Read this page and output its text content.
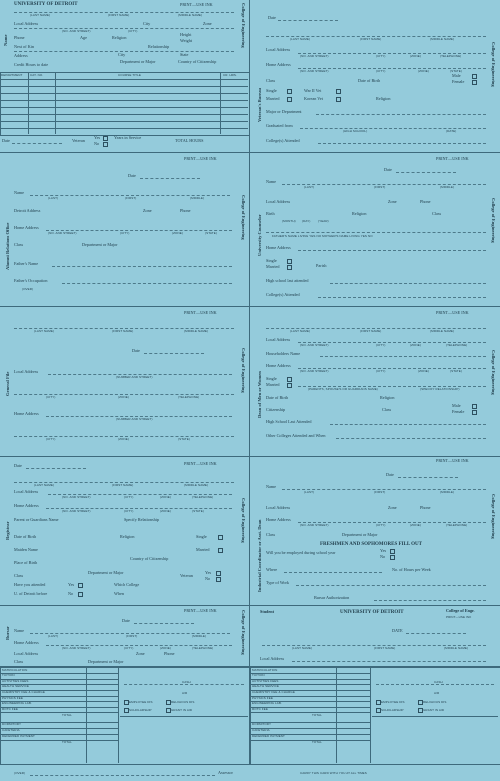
UNIVERSITY OF DETROIT	PRINT—USE INK	College of Engineering
Name
(LAST NAME)	(FIRST NAME)	(MIDDLE NAME)
Local Address	City	Zone
(NO. AND STREET)	(CITY)
Phone	Age	Religion
Height
Weight
Next of Kin	Relationship
Address	City	State
Credit Hours to date
Department or Major	Country of Citizenship
DEPARTMENT	CAT. NO.	COURSE TITLE	CR. HRS.
Date	Veteran
Yes
No
Years in Service
TOTAL HOURS
Veteran's Bureau
College of Engineering
Date
(LAST NAME)	(FIRST NAME)	(MIDDLE NAME)
Local Address
(NO. AND STREET)	(CITY)	(ZONE)	(TELEPHONE)
Home Address
(NO. AND STREET)	(CITY)	(ZONE)	(STATE)
Class	Date of Birth
Male
Female
Single	War II Vet
Married	Korean Vet	Religion
Major or Department
Graduated from
(HIGH SCHOOL)	(DATE)
College(s) Attended
Alumni Relations Office
College of Engineering
PRINT—USE INK
Date
Name
(LAST)	(FIRST)	(MIDDLE)
Detroit Address	Zone	Phone
Home Address
(NO. AND STREET)	(CITY)	(ZONE)	(STATE)
Class	Department or Major
Father's Name
Father's Occupation
(OVER)
University Counselor	College of Engineering
PRINT—USE INK
Date
Name
(LAST)	(FIRST)	(MIDDLE)
Local Address	Zone	Phone
Birth	Religion	Class
(MONTH) (DAY)	(YEAR)
FATHER'S NAME LIVING YES NO MOTHER'S NAME LIVING YES NO
Home Address
Single
Married	Parish
High school last attended
College(s) Attended
General File	College of Engineering
PRINT—USE INK
(LAST NAME)	(FIRST NAME)	(MIDDLE NAME)
Date
Local Address
(NUMBER AND STREET)
(CITY)	(ZONE)	(TELEPHONE)
Home Address
(NUMBER AND STREET)
(CITY)	(ZONE)	(STATE)
Dean of Men or Women	College of Engineering
PRINT—USE INK
(LAST NAME)	(FIRST NAME)	(MIDDLE NAME)
Local Address
(NO. AND STREET)	(CITY)	(ZONE)	(TELEPHONE)
Householders Name
Home Address
(NO. AND STREET)	(CITY)	(ZONE)	(STATE)
Single
Married
(PARENTS, SPOUSE'S OR GUARDIANS NAME)	(SPECIFY RELATIONSHIP)
Date of Birth	Religion
Citizenship	Class
Male
Female
High School Last Attended
Other Colleges Attended and When
Registrar	College of Engineering
Date	PRINT—USE INK
(LAST NAME)	(FIRST NAME)	(MIDDLE NAME)
Local Address
(NO. AND STREET)	(CITY)	(ZONE)	(TELEPHONE)
Home Address
(NO. AND STREET)	(CITY)	(ZONE)	(STATE)
Parent or Guardians Name	Specify Relationship
Date of Birth	Religion	Single
Maiden Name	Married
Place of Birth
Country of Citizenship
Class
Department or Major
Veteran
Yes
No
Have you attended	Yes	Which College
U. of Detroit before	No	When
Industrial Coordinator or Asst. Dean
College of Engineering
PRINT—USE INK
Date
Name
(LAST)	(FIRST)	(MIDDLE)
Local Address	Zone	Phone
Home Address
(NO. AND STREET)	(CITY)	(ZONE)	(TELEPHONE)
Class	Department or Major
FRESHMEN AND SOPHOMORES FILL OUT
Will you be employed during school year	Yes
No
Where	No. of Hours per Week
Type of Work
Bursar Authorization
Bursar	College of Engineering
PRINT—USE INK
Date
Name
(LAST)	(FIRST)	(MIDDLE)
Home Address
(NO. AND STREET)	(CITY)	(ZONE)	(TELEPHONE)
Local Address	Zone	Phone
Class	Department or Major
Student	UNIVERSITY OF DETROIT	College of Engr.
PRINT—USE INK
DATE
(LAST NAME)	(FIRST NAME)	(MIDDLE NAME)
Local Address
MATRICULATION
TUITION
ACTIVITIES FEES
HEALTH SERVICE
CHEMISTRY FEE & CHARGE
PHYSICS FEE
ENGINEERING LAB.
ROTC FEE
TOTAL
DORMITORY
CAFETERIA
DEFERRED PAYMENT
TOTAL
CASH
A/R
EMPLOYEE DIS	RELIGIOUS DIS
SCHOLARSHIP	GRANT IN AID
MATRICULATION
TUITION
ACTIVITIES FEES
HEALTH SERVICE
CHEMISTRY FEE & CHARGE
PHYSICS FEE
ENGINEERING LAB.
ROTC FEE
TOTAL
DORMITORY
CAFETERIA
DEFERRED PAYMENT
TOTAL
CASH
A/R
EMPLOYEE DIS	RELIGIOUS DIS
SCHOLARSHIP	GRANT IN AID
(OVER)	Assessor	CARRY THIS CARD WITH YOU AT ALL TIMES
